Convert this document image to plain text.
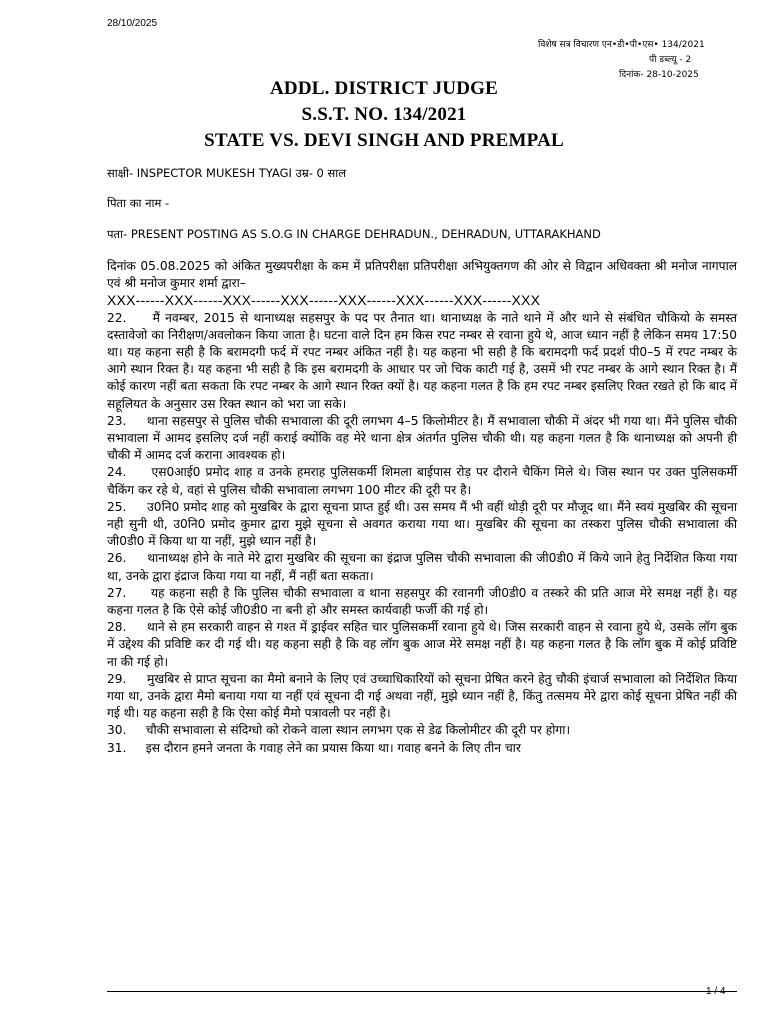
28/10/2025
विशेष सत्र विचारण एन•डी•पी•एस• 134/2021
पी डब्ल्यू - 2
दिनांक- 28-10-2025
ADDL. DISTRICT JUDGE
S.S.T. NO. 134/2021
STATE VS. DEVI SINGH AND PREMPAL
साक्षी- INSPECTOR MUKESH TYAGI उम्र- 0 साल
पिता का नाम -
पता- PRESENT POSTING AS S.O.G IN CHARGE DEHRADUN., DEHRADUN, UTTARAKHAND

दिनांक 05.08.2025 को अंकित मुख्यपरीक्षा के कम में प्रतिपरीक्षा प्रतिपरीक्षा अभियुक्तगण की ओर से विद्वान अधिवक्ता श्री मनोज नागपाल एवं श्री मनोज कुमार शर्मा द्वारा–

XXX------XXX------XXX------XXX------XXX------XXX------XXX------XXX

22.     मैं नवम्बर, 2015 से थानाध्यक्ष सहसपुर के पद पर तैनात था। थानाध्यक्ष के नाते थाने में और थाने से संबंधित चौकियो के समस्त दस्तावेजो का निरीक्षण/अवलोकन किया जाता है। घटना वाले दिन हम किस रपट नम्बर से रवाना हुये थे, आज ध्यान नहीं है लेकिन समय 17:50 था। यह कहना सही है कि बरामदगी फर्द में रपट नम्बर अंकित नहीं है। यह कहना भी सही है कि बरामदगी फर्द प्रदर्श पी0–5 में रपट नम्बर के आगे स्थान रिक्त है। यह कहना भी सही है कि इस बरामदगी के आधार पर जो चिक काटी गई है, उसमें भी रपट नम्बर के आगे स्थान रिक्त है। मैं कोई कारण नहीं बता सकता कि रपट नम्बर के आगे स्थान रिक्त क्यों है। यह कहना गलत है कि हम रपट नम्बर इसलिए रिक्त रखते हो कि बाद में सहूलियत के अनुसार उस रिक्त स्थान को भरा जा सके।

23.     थाना सहसपुर से पुलिस चौकी सभावाला की दूरी लगभग 4–5 किलोमीटर है। मैं सभावाला चौकी में अंदर भी गया था। मैंने पुलिस चौकी सभावाला में आमद इसलिए दर्ज नहीं कराई क्योंकि वह मेरे थाना क्षेत्र अंतर्गत पुलिस चौकी थी। यह कहना गलत है कि थानाध्यक्ष को अपनी ही चौकी में आमद दर्ज कराना आवश्यक हो।

24.     एस0आई0 प्रमोद शाह व उनके हमराह पुलिसकर्मी शिमला बाईपास रोड़ पर दौराने चैकिंग मिले थे। जिस स्थान पर उक्त पुलिसकर्मी चैकिंग कर रहे थे, वहां से पुलिस चौकी सभावाला लगभग 100 मीटर की दूरी पर है।

25.     उ0नि0 प्रमोद शाह को मुखबिर के द्वारा सूचना प्राप्त हुई थी। उस समय मैं भी वहीं थोड़ी दूरी पर मौजूद था। मैंने स्वयं मुखबिर की सूचना नही सुनी थी, उ0नि0 प्रमोद कुमार द्वारा मुझे सूचना से अवगत कराया गया था। मुखबिर की सूचना का तस्करा पुलिस चौकी सभावाला की जी0डी0 में किया था या नहीं, मुझे ध्यान नहीं है।

26.     थानाध्यक्ष होने के नाते मेरे द्वारा मुखबिर की सूचना का इंद्राज पुलिस चौकी सभावाला की जी0डी0 में किये जाने हेतु निर्देशित किया गया था, उनके द्वारा इंद्राज किया गया या नहीं, मैं नहीं बता सकता।

27.     यह कहना सही है कि पुलिस चौकी सभावाला व थाना सहसपुर की रवानगी जी0डी0 व तस्करे की प्रति आज मेरे समक्ष नहीं है। यह कहना गलत है कि ऐसे कोई जी0डी0 ना बनी हो और समस्त कार्यवाही फर्जी की गई हो।

28.     थाने से हम सरकारी वाहन से गश्त में ड्राईवर सहित चार पुलिसकर्मी रवाना हुये थे। जिस सरकारी वाहन से रवाना हुये थे, उसके लॉग बुक में उद्देश्य की प्रविष्टि कर दी गई थी। यह कहना सही है कि वह लॉग बुक आज मेरे समक्ष नहीं है। यह कहना गलत है कि लॉग बुक में कोई प्रविष्टि ना की गई हो।

29.     मुखबिर से प्राप्त सूचना का मैमो बनाने के लिए एवं उच्चाधिकारियों को सूचना प्रेषित करने हेतु चौकी इंचार्ज सभावाला को निर्देशित किया गया था, उनके द्वारा मैमो बनाया गया या नहीं एवं सूचना दी गई अथवा नहीं, मुझे ध्यान नहीं है, किंतु तत्समय मेरे द्वारा कोई सूचना प्रेषित नहीं की गई थी। यह कहना सही है कि ऐसा कोई मैमो पत्रावली पर नहीं है।

30.     चौकी सभावाला से संदिग्धो को रोकने वाला स्थान लगभग एक से डेढ किलोमीटर की दूरी पर होगा।

31.     इस दौरान हमने जनता के गवाह लेने का प्रयास किया था। गवाह बनने के लिए तीन चार

1 / 4
